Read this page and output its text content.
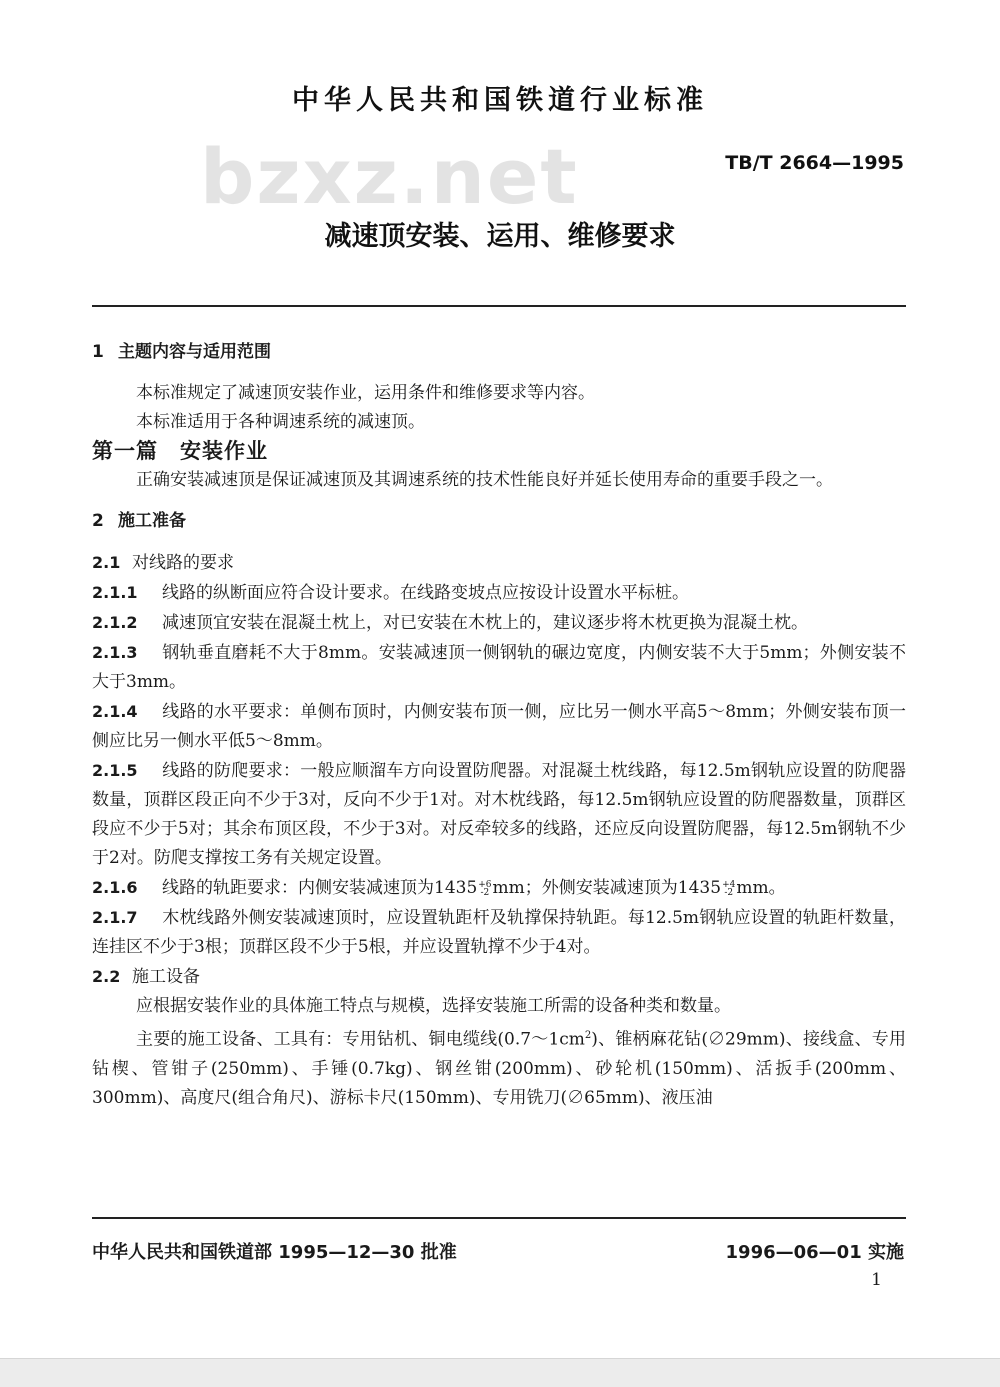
中华人民共和国铁道行业标准
bzxz.net	TB/T 2664—1995
减速顶安装、运用、维修要求

1 主题内容与适用范围

本标准规定了减速顶安装作业，运用条件和维修要求等内容。

本标准适用于各种调速系统的减速顶。

第一篇　安装作业

正确安装减速顶是保证减速顶及其调速系统的技术性能良好并延长使用寿命的重要手段之一。

2 施工准备

2.1 对线路的要求

2.1.1 线路的纵断面应符合设计要求。在线路变坡点应按设计设置水平标桩。

2.1.2 减速顶宜安装在混凝土枕上，对已安装在木枕上的，建议逐步将木枕更换为混凝土枕。

2.1.3 钢轨垂直磨耗不大于8mm。安装减速顶一侧钢轨的碾边宽度，内侧安装不大于5mm；外侧安装不大于3mm。

2.1.4 线路的水平要求：单侧布顶时，内侧安装布顶一侧，应比另一侧水平高5～8mm；外侧安装布顶一侧应比另一侧水平低5～8mm。

2.1.5 线路的防爬要求：一般应顺溜车方向设置防爬器。对混凝土枕线路，每12.5m钢轨应设置的防爬器数量，顶群区段正向不少于3对，反向不少于1对。对木枕线路，每12.5m钢轨应设置的防爬器数量，顶群区段应不少于5对；其余布顶区段，不少于3对。对反牵较多的线路，还应反向设置防爬器，每12.5m钢轨不少于2对。防爬支撑按工务有关规定设置。

2.1.6 线路的轨距要求：内侧安装减速顶为1435 +6
-2 mm；外侧安装减速顶为1435 +4
-2 mm。

2.1.7 木枕线路外侧安装减速顶时，应设置轨距杆及轨撑保持轨距。每12.5m钢轨应设置的轨距杆数量，连挂区不少于3根；顶群区段不少于5根，并应设置轨撑不少于4对。

2.2 施工设备

应根据安装作业的具体施工特点与规模，选择安装施工所需的设备种类和数量。

主要的施工设备、工具有：专用钻机、铜电缆线$(0.7\sim 1cm^2)$、锥柄麻花钻(∅29mm)、接线盒、专用钻楔、管钳子(250mm)、手锤(0.7kg)、钢丝钳(200mm)、砂轮机(150mm)、活扳手(200mm、300mm)、高度尺(组合角尺)、游标卡尺(150mm)、专用铣刀(∅65mm)、液压油

中华人民共和国铁道部 1995—12—30 批准	1996—06—01 实施
1
